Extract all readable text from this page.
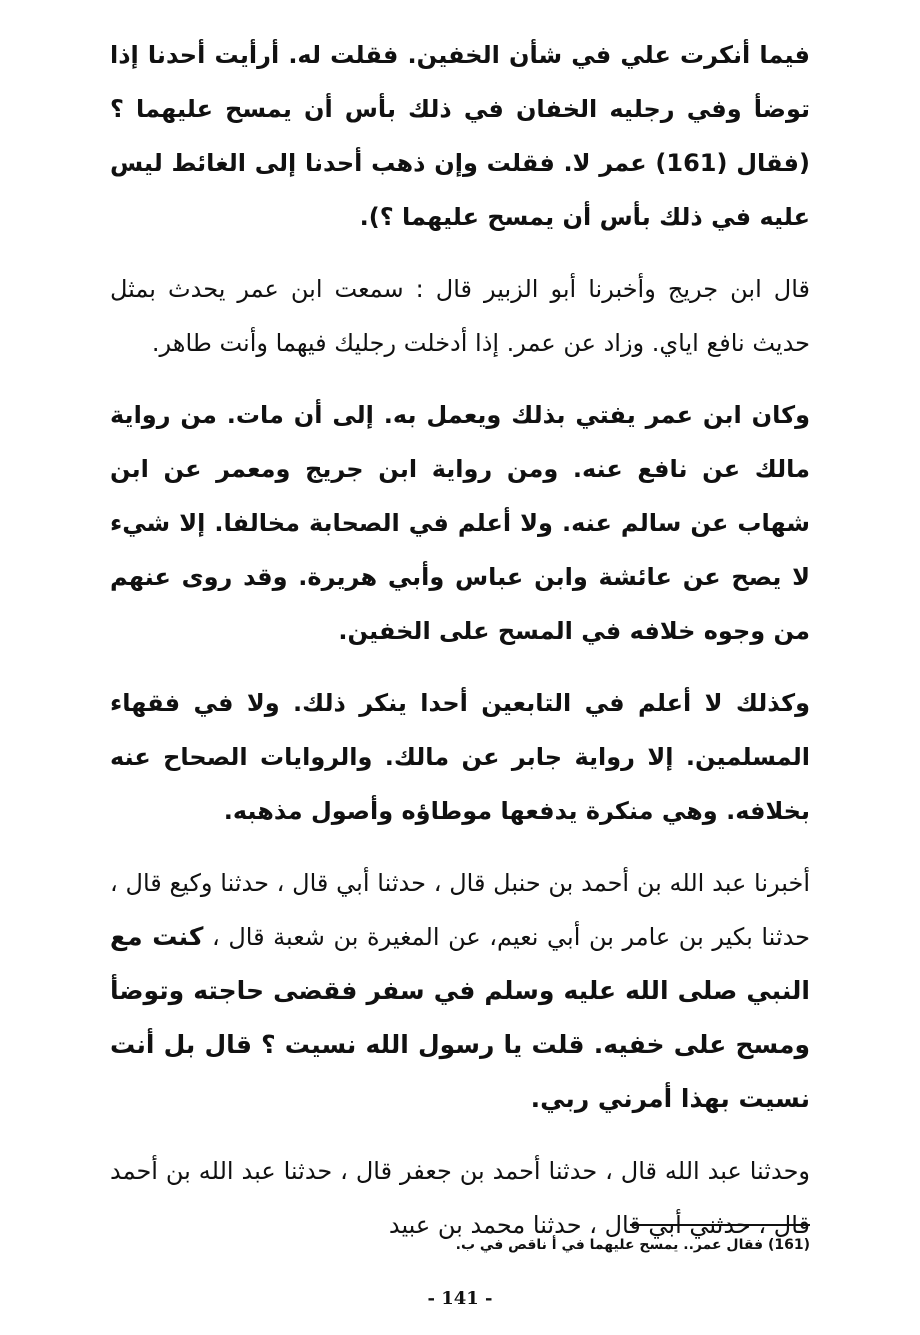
فيما أنكرت علي في شأن الخفين. فقلت له. أرأيت أحدنا إذا توضأ وفي رجليه الخفان في ذلك بأس أن يمسح عليهما ؟ (فقال (161) عمر لا. فقلت وإن ذهب أحدنا إلى الغائط ليس عليه في ذلك بأس أن يمسح عليهما ؟).

قال ابن جريج وأخبرنا أبو الزبير قال : سمعت ابن عمر يحدث بمثل حديث نافع اياي. وزاد عن عمر. إذا أدخلت رجليك فيهما وأنت طاهر.

وكان ابن عمر يفتي بذلك ويعمل به. إلى أن مات. من رواية مالك عن نافع عنه. ومن رواية ابن جريج ومعمر عن ابن شهاب عن سالم عنه. ولا أعلم في الصحابة مخالفا. إلا شيء لا يصح عن عائشة وابن عباس وأبي هريرة. وقد روى عنهم من وجوه خلافه في المسح على الخفين.

وكذلك لا أعلم في التابعين أحدا ينكر ذلك. ولا في فقهاء المسلمين. إلا رواية جابر عن مالك. والروايات الصحاح عنه بخلافه. وهي منكرة يدفعها موطاؤه وأصول مذهبه.

أخبرنا عبد الله بن أحمد بن حنبل قال ، حدثنا أبي قال ، حدثنا وكيع قال ، حدثنا بكير بن عامر بن أبي نعيم، عن المغيرة بن شعبة قال ، كنت مع النبي صلى الله عليه وسلم في سفر فقضى حاجته وتوضأ ومسح على خفيه. قلت يا رسول الله نسيت ؟ قال بل أنت نسيت بهذا أمرني ربي.

وحدثنا عبد الله قال ، حدثنا أحمد بن جعفر قال ، حدثنا عبد الله بن أحمد قال ، حدثني أبي قال ، حدثنا محمد بن عبيد

(161) فقال عمر.. يمسح عليهما في أ ناقص في ب.
- 141 -
